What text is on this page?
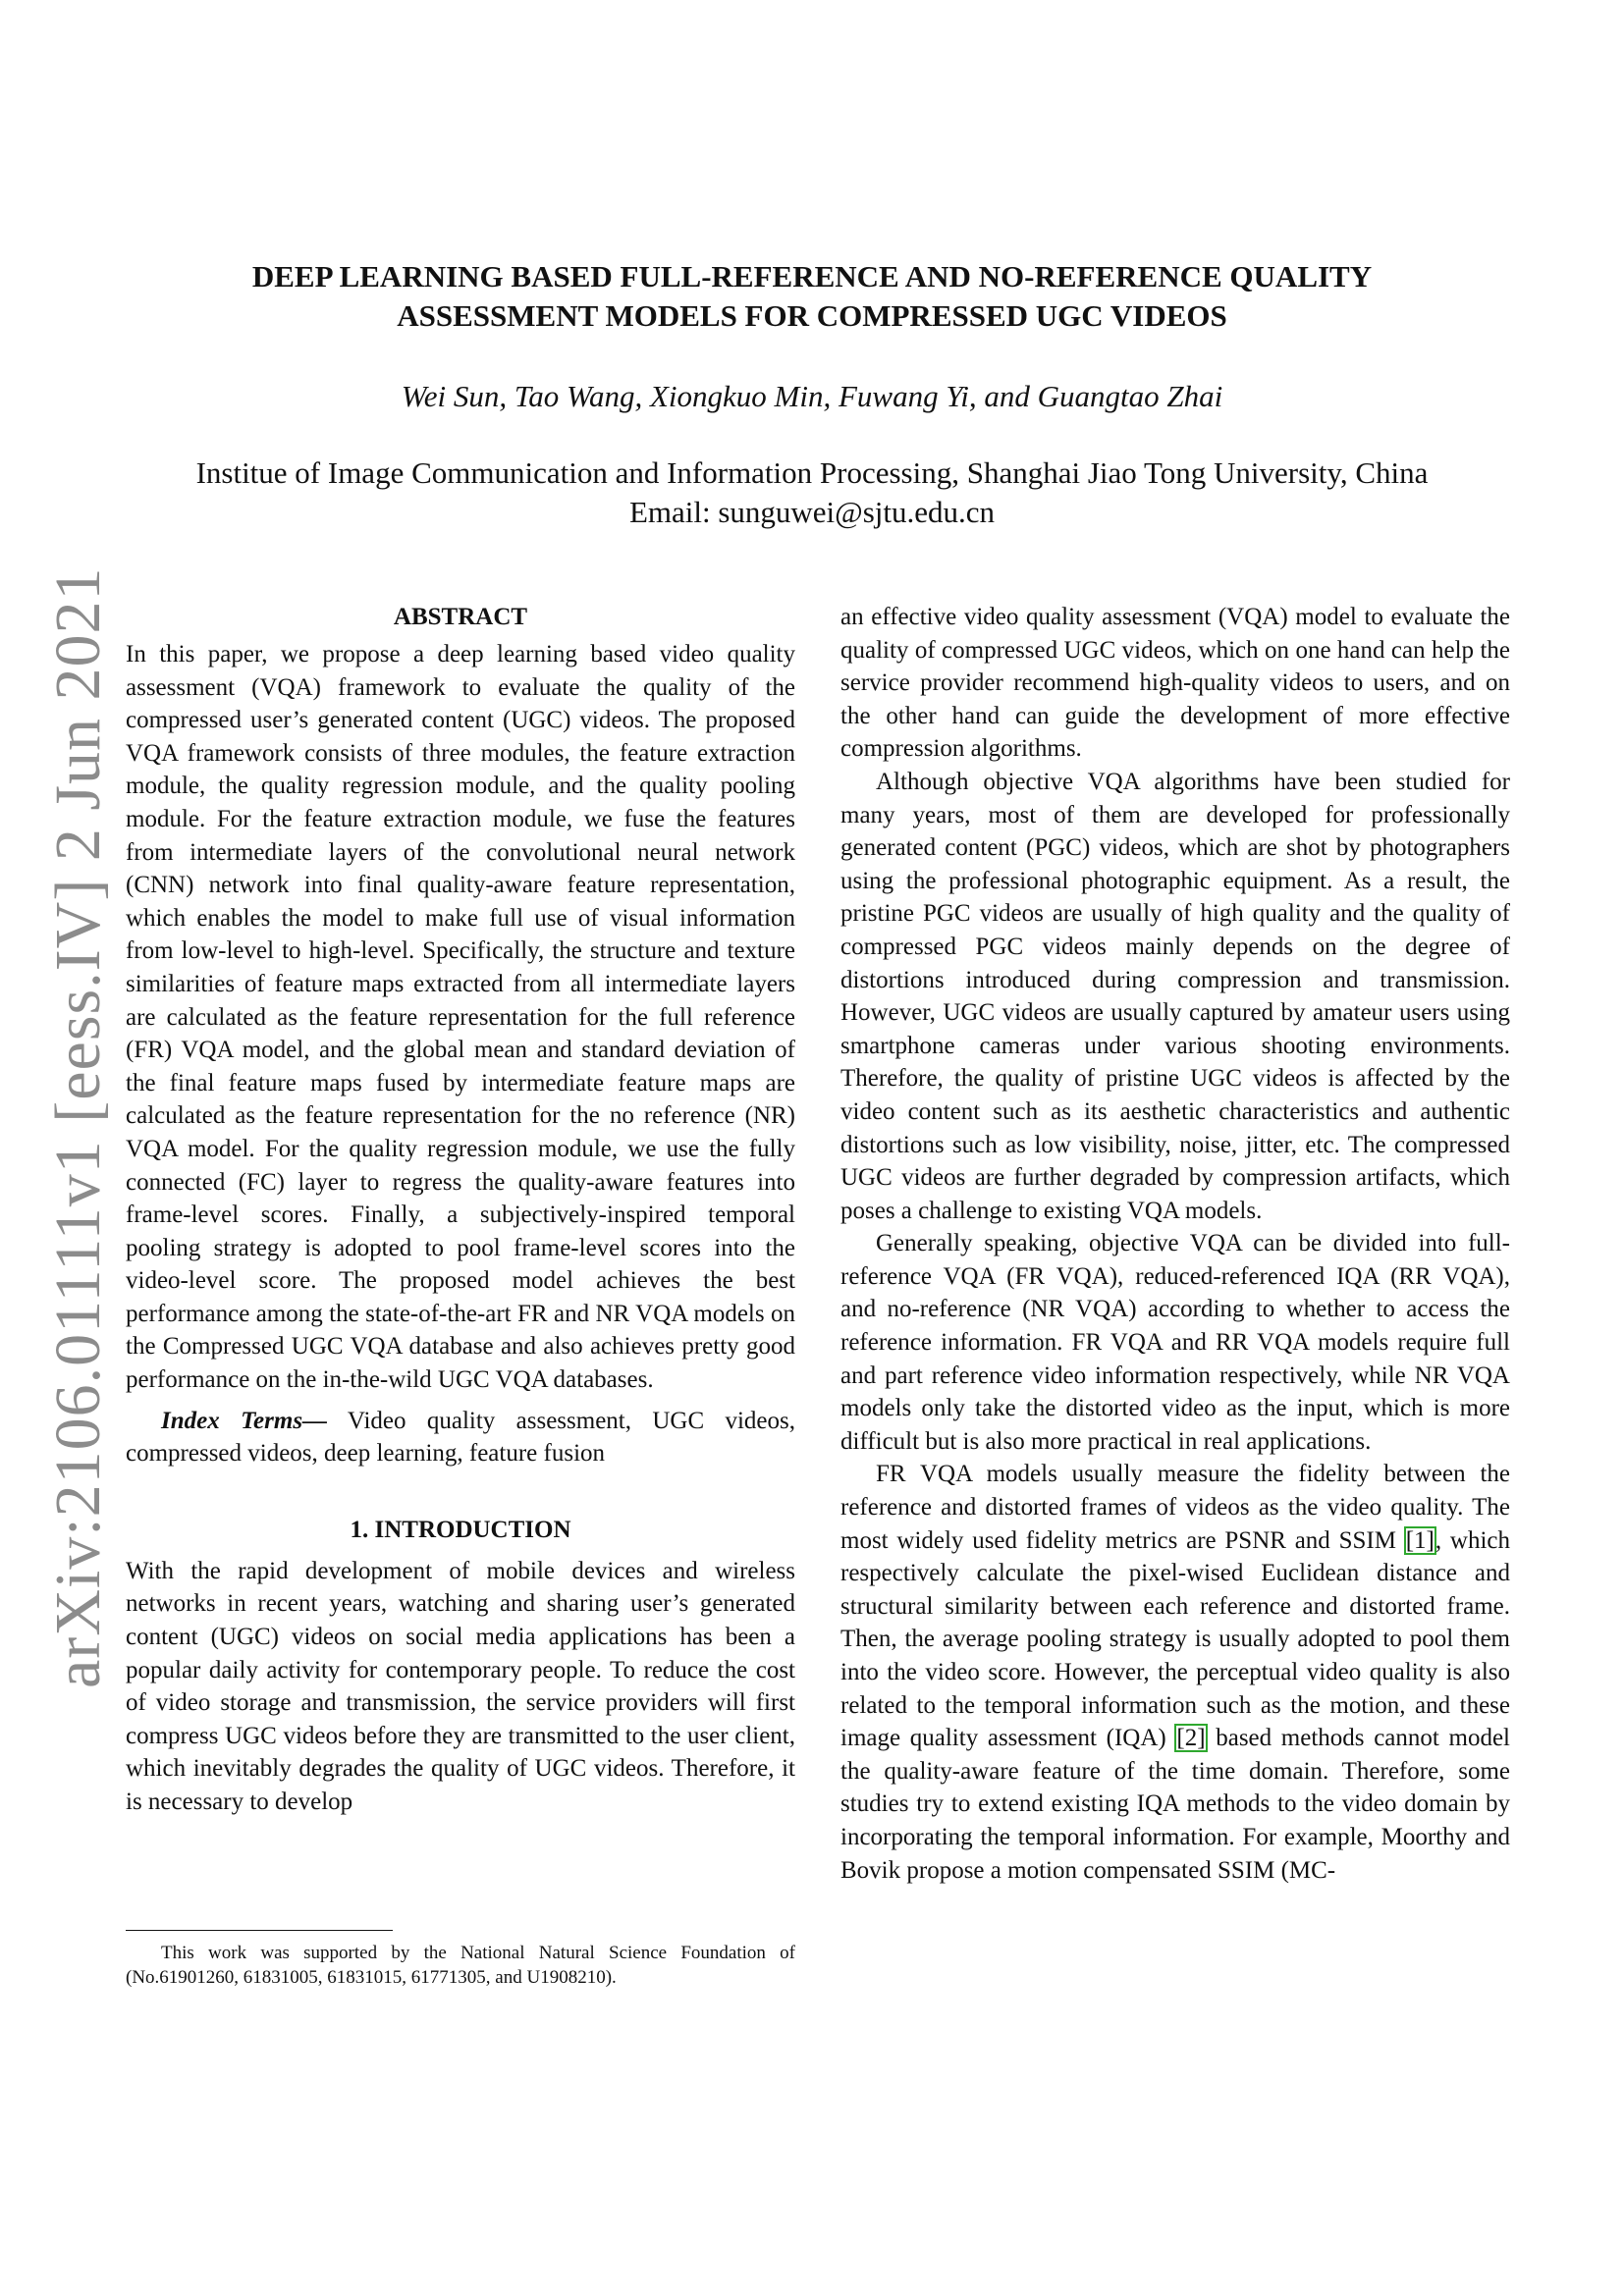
arXiv:2106.01111v1 [eess.IV] 2 Jun 2021
DEEP LEARNING BASED FULL-REFERENCE AND NO-REFERENCE QUALITY
ASSESSMENT MODELS FOR COMPRESSED UGC VIDEOS
Wei Sun, Tao Wang, Xiongkuo Min, Fuwang Yi, and Guangtao Zhai
Institue of Image Communication and Information Processing, Shanghai Jiao Tong University, China
Email: sunguwei@sjtu.edu.cn
ABSTRACT

In this paper, we propose a deep learning based video quality assessment (VQA) framework to evaluate the quality of the compressed user’s generated content (UGC) videos. The proposed VQA framework consists of three modules, the feature extraction module, the quality regression module, and the quality pooling module. For the feature extraction module, we fuse the features from intermediate layers of the convolutional neural network (CNN) network into final quality-aware feature representation, which enables the model to make full use of visual information from low-level to high-level. Specifically, the structure and texture similarities of feature maps extracted from all intermediate layers are calculated as the feature representation for the full reference (FR) VQA model, and the global mean and standard deviation of the final feature maps fused by intermediate feature maps are calculated as the feature representation for the no reference (NR) VQA model. For the quality regression module, we use the fully connected (FC) layer to regress the quality-aware features into frame-level scores. Finally, a subjectively-inspired temporal pooling strategy is adopted to pool frame-level scores into the video-level score. The proposed model achieves the best performance among the state-of-the-art FR and NR VQA models on the Compressed UGC VQA database and also achieves pretty good performance on the in-the-wild UGC VQA databases.

Index Terms— Video quality assessment, UGC videos, compressed videos, deep learning, feature fusion

1. INTRODUCTION

With the rapid development of mobile devices and wireless networks in recent years, watching and sharing user’s generated content (UGC) videos on social media applications has been a popular daily activity for contemporary people. To reduce the cost of video storage and transmission, the service providers will first compress UGC videos before they are transmitted to the user client, which inevitably degrades the quality of UGC videos. Therefore, it is necessary to develop

This work was supported by the National Natural Science Foundation of (No.61901260, 61831005, 61831015, 61771305, and U1908210).

an effective video quality assessment (VQA) model to evaluate the quality of compressed UGC videos, which on one hand can help the service provider recommend high-quality videos to users, and on the other hand can guide the development of more effective compression algorithms.

Although objective VQA algorithms have been studied for many years, most of them are developed for professionally generated content (PGC) videos, which are shot by photographers using the professional photographic equipment. As a result, the pristine PGC videos are usually of high quality and the quality of compressed PGC videos mainly depends on the degree of distortions introduced during compression and transmission. However, UGC videos are usually captured by amateur users using smartphone cameras under various shooting environments. Therefore, the quality of pristine UGC videos is affected by the video content such as its aesthetic characteristics and authentic distortions such as low visibility, noise, jitter, etc. The compressed UGC videos are further degraded by compression artifacts, which poses a challenge to existing VQA models.

Generally speaking, objective VQA can be divided into full-reference VQA (FR VQA), reduced-referenced IQA (RR VQA), and no-reference (NR VQA) according to whether to access the reference information. FR VQA and RR VQA models require full and part reference video information respectively, while NR VQA models only take the distorted video as the input, which is more difficult but is also more practical in real applications.

FR VQA models usually measure the fidelity between the reference and distorted frames of videos as the video quality. The most widely used fidelity metrics are PSNR and SSIM [1], which respectively calculate the pixel-wised Euclidean distance and structural similarity between each reference and distorted frame. Then, the average pooling strategy is usually adopted to pool them into the video score. However, the perceptual video quality is also related to the temporal information such as the motion, and these image quality assessment (IQA) [2] based methods cannot model the quality-aware feature of the time domain. Therefore, some studies try to extend existing IQA methods to the video domain by incorporating the temporal information. For example, Moorthy and Bovik propose a motion compensated SSIM (MC-
